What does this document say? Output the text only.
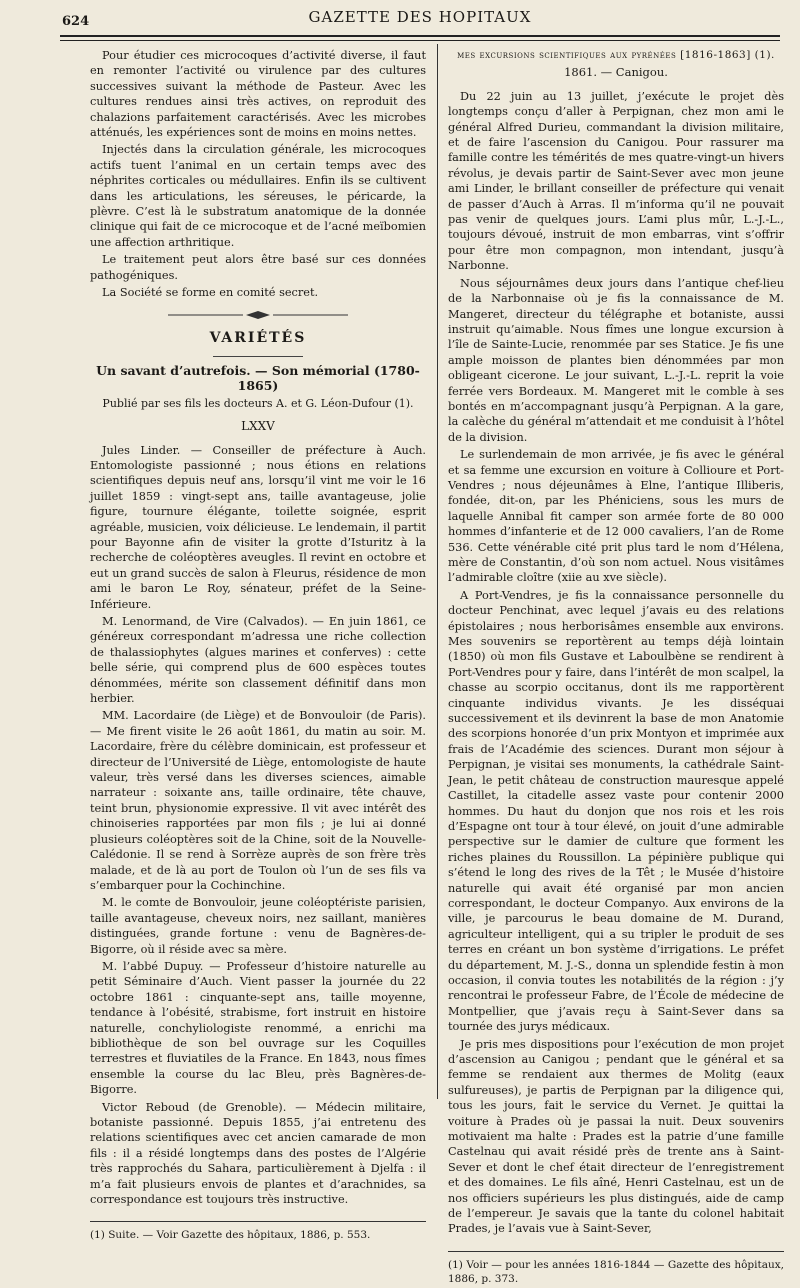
624	GAZETTE DES HOPITAUX

Pour étudier ces microcoques d’activité diverse, il faut en remonter l’activité ou virulence par des cultures successives suivant la méthode de Pasteur. Avec les cultures rendues ainsi très actives, on reproduit des chalazions parfaitement caractérisés. Avec les microbes atténués, les expériences sont de moins en moins nettes.

Injectés dans la circulation générale, les microcoques actifs tuent l’animal en un certain temps avec des néphrites corticales ou médullaires. Enfin ils se cultivent dans les articulations, les séreuses, le péricarde, la plèvre. C’est là le substratum anatomique de la donnée clinique qui fait de ce microcoque et de l’acné meïbomien une affection arthritique.

Le traitement peut alors être basé sur ces données pathogéniques.

La Société se forme en comité secret.

VARIÉTÉS
Un savant d’autrefois. — Son mémorial (1780-1865)
Publié par ses fils les docteurs A. et G. Léon-Dufour (1).
LXXV

Jules Linder. — Conseiller de préfecture à Auch. Entomologiste passionné ; nous étions en relations scientifiques depuis neuf ans, lorsqu’il vint me voir le 16 juillet 1859 : vingt-sept ans, taille avantageuse, jolie figure, tournure élégante, toilette soignée, esprit agréable, musicien, voix délicieuse. Le lendemain, il partit pour Bayonne afin de visiter la grotte d’Isturitz à la recherche de coléoptères aveugles. Il revint en octobre et eut un grand succès de salon à Fleurus, résidence de mon ami le baron Le Roy, sénateur, préfet de la Seine-Inférieure.

M. Lenormand, de Vire (Calvados). — En juin 1861, ce généreux correspondant m’adressa une riche collection de thalassiophytes (algues marines et conferves) : cette belle série, qui comprend plus de 600 espèces toutes dénommées, mérite son classement définitif dans mon herbier.

MM. Lacordaire (de Liège) et de Bonvouloir (de Paris). — Me firent visite le 26 août 1861, du matin au soir. M. Lacordaire, frère du célèbre dominicain, est professeur et directeur de l’Université de Liège, entomologiste de haute valeur, très versé dans les diverses sciences, aimable narrateur : soixante ans, taille ordinaire, tête chauve, teint brun, physionomie expressive. Il vit avec intérêt des chinoiseries rapportées par mon fils ; je lui ai donné plusieurs coléoptères soit de la Chine, soit de la Nouvelle-Calédonie. Il se rend à Sorrèze auprès de son frère très malade, et de là au port de Toulon où l’un de ses fils va s’embarquer pour la Cochinchine.

M. le comte de Bonvouloir, jeune coléoptériste parisien, taille avantageuse, cheveux noirs, nez saillant, manières distinguées, grande fortune : venu de Bagnères-de-Bigorre, où il réside avec sa mère.

M. l’abbé Dupuy. — Professeur d’histoire naturelle au petit Séminaire d’Auch. Vient passer la journée du 22 octobre 1861 : cinquante-sept ans, taille moyenne, tendance à l’obésité, strabisme, fort instruit en histoire naturelle, conchyliologiste renommé, a enrichi ma bibliothèque de son bel ouvrage sur les Coquilles terrestres et fluviatiles de la France. En 1843, nous fîmes ensemble la course du lac Bleu, près Bagnères-de-Bigorre.

Victor Reboud (de Grenoble). — Médecin militaire, botaniste passionné. Depuis 1855, j’ai entretenu des relations scientifiques avec cet ancien camarade de mon fils : il a résidé longtemps dans des postes de l’Algérie très rapprochés du Sahara, particulièrement à Djelfa : il m’a fait plusieurs envois de plantes et d’arachnides, sa correspondance est toujours très instructive.

(1) Suite. — Voir Gazette des hôpitaux, 1886, p. 553.

mes excursions scientifiques aux pyrénées [1816-1863] (1).
1861. — Canigou.

Du 22 juin au 13 juillet, j’exécute le projet dès longtemps conçu d’aller à Perpignan, chez mon ami le général Alfred Durieu, commandant la division militaire, et de faire l’ascension du Canigou. Pour rassurer ma famille contre les témérités de mes quatre-vingt-un hivers révolus, je devais partir de Saint-Sever avec mon jeune ami Linder, le brillant conseiller de préfecture qui venait de passer d’Auch à Arras. Il m’informa qu’il ne pouvait pas venir de quelques jours. L’ami plus mûr, L.-J.-L., toujours dévoué, instruit de mon embarras, vint s’offrir pour être mon compagnon, mon intendant, jusqu’à Narbonne.

Nous séjournâmes deux jours dans l’antique chef-lieu de la Narbonnaise où je fis la connaissance de M. Mangeret, directeur du télégraphe et botaniste, aussi instruit qu’aimable. Nous fîmes une longue excursion à l’île de Sainte-Lucie, renommée par ses Statice. Je fis une ample moisson de plantes bien dénommées par mon obligeant cicerone. Le jour suivant, L.-J.-L. reprit la voie ferrée vers Bordeaux. M. Mangeret mit le comble à ses bontés en m’accompagnant jusqu’à Perpignan. A la gare, la calèche du général m’attendait et me conduisit à l’hôtel de la division.

Le surlendemain de mon arrivée, je fis avec le général et sa femme une excursion en voiture à Collioure et Port-Vendres ; nous déjeunâmes à Elne, l’antique Illiberis, fondée, dit-on, par les Phéniciens, sous les murs de laquelle Annibal fit camper son armée forte de 80 000 hommes d’infanterie et de 12 000 cavaliers, l’an de Rome 536. Cette vénérable cité prit plus tard le nom d’Hélena, mère de Constantin, d’où son nom actuel. Nous visitâmes l’admirable cloître (xiie au xve siècle).

A Port-Vendres, je fis la connaissance personnelle du docteur Penchinat, avec lequel j’avais eu des relations épistolaires ; nous herborisâmes ensemble aux environs. Mes souvenirs se reportèrent au temps déjà lointain (1850) où mon fils Gustave et Laboulbène se rendirent à Port-Vendres pour y faire, dans l’intérêt de mon scalpel, la chasse au scorpio occitanus, dont ils me rapportèrent cinquante individus vivants. Je les disséquai successivement et ils devinrent la base de mon Anatomie des scorpions honorée d’un prix Montyon et imprimée aux frais de l’Académie des sciences. Durant mon séjour à Perpignan, je visitai ses monuments, la cathédrale Saint-Jean, le petit château de construction mauresque appelé Castillet, la citadelle assez vaste pour contenir 2000 hommes. Du haut du donjon que nos rois et les rois d’Espagne ont tour à tour élevé, on jouit d’une admirable perspective sur le damier de culture que forment les riches plaines du Roussillon. La pépinière publique qui s’étend le long des rives de la Têt ; le Musée d’histoire naturelle qui avait été organisé par mon ancien correspondant, le docteur Companyo. Aux environs de la ville, je parcourus le beau domaine de M. Durand, agriculteur intelligent, qui a su tripler le produit de ses terres en créant un bon système d’irrigations. Le préfet du département, M. J.-S., donna un splendide festin à mon occasion, il convia toutes les notabilités de la région : j’y rencontrai le professeur Fabre, de l’École de médecine de Montpellier, que j’avais reçu à Saint-Sever dans sa tournée des jurys médicaux.

Je pris mes dispositions pour l’exécution de mon projet d’ascension au Canigou ; pendant que le général et sa femme se rendaient aux thermes de Molitg (eaux sulfureuses), je partis de Perpignan par la diligence qui, tous les jours, fait le service du Vernet. Je quittai la voiture à Prades où je passai la nuit. Deux souvenirs motivaient ma halte : Prades est la patrie d’une famille Castelnau qui avait résidé près de trente ans à Saint-Sever et dont le chef était directeur de l’enregistrement et des domaines. Le fils aîné, Henri Castelnau, est un de nos officiers supérieurs les plus distingués, aide de camp de l’empereur. Je savais que la tante du colonel habitait Prades, je l’avais vue à Saint-Sever,

(1) Voir — pour les années 1816-1844 — Gazette des hôpitaux, 1886, p. 373.
